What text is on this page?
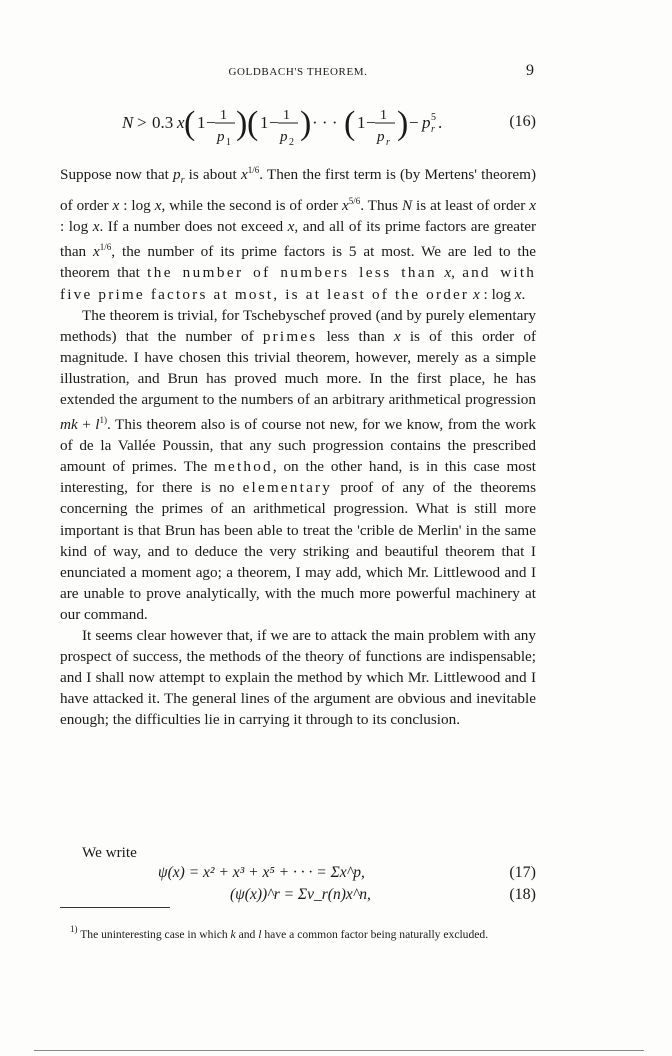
GOLDBACH'S THEOREM.	9
N > 0.3 x ( 1 − 1
p 1
) ( 1 − 1
p 2
) · · · ( 1 − 1
p r
) − p 5
r .	(16)

Suppose now that $p_r$ is about $x^{1/6}$. Then the first term is (by Mertens' theorem) of order x : log x, while the second is of order $x^{5/6}$. Thus N is at least of order x : log x. If a number does not exceed x, and all of its prime factors are greater than $x^{1/6}$, the number of its prime factors is 5 at most. We are led to the theorem that the number of numbers less than x, and with five prime factors at most, is at least of the order x : log x.

The theorem is trivial, for Tschebyschef proved (and by purely elementary methods) that the number of primes less than x is of this order of magnitude. I have chosen this trivial theorem, however, merely as a simple illustration, and Brun has proved much more. In the first place, he has extended the argument to the numbers of an arbitrary arithmetical progression mk + $l^{1)}$. This theorem also is of course not new, for we know, from the work of de la Vallée Poussin, that any such progression contains the prescribed amount of primes. The method, on the other hand, is in this case most interesting, for there is no elementary proof of any of the theorems concerning the primes of an arithmetical progression. What is still more important is that Brun has been able to treat the 'crible de Merlin' in the same kind of way, and to deduce the very striking and beautiful theorem that I enunciated a moment ago; a theorem, I may add, which Mr. Littlewood and I are unable to prove analytically, with the much more powerful machinery at our command.

It seems clear however that, if we are to attack the main problem with any prospect of success, the methods of the theory of functions are indispensable; and I shall now attempt to explain the method by which Mr. Littlewood and I have attacked it. The general lines of the argument are obvious and inevitable enough; the difficulties lie in carrying it through to its conclusion.

We write
ψ(x) = x² + x³ + x⁵ + · · · = Σx^p,	(17)
(ψ(x))^r = Σν_r(n)x^n,	(18)
$^{1)}$ The uninteresting case in which k and l have a common factor being naturally excluded.
